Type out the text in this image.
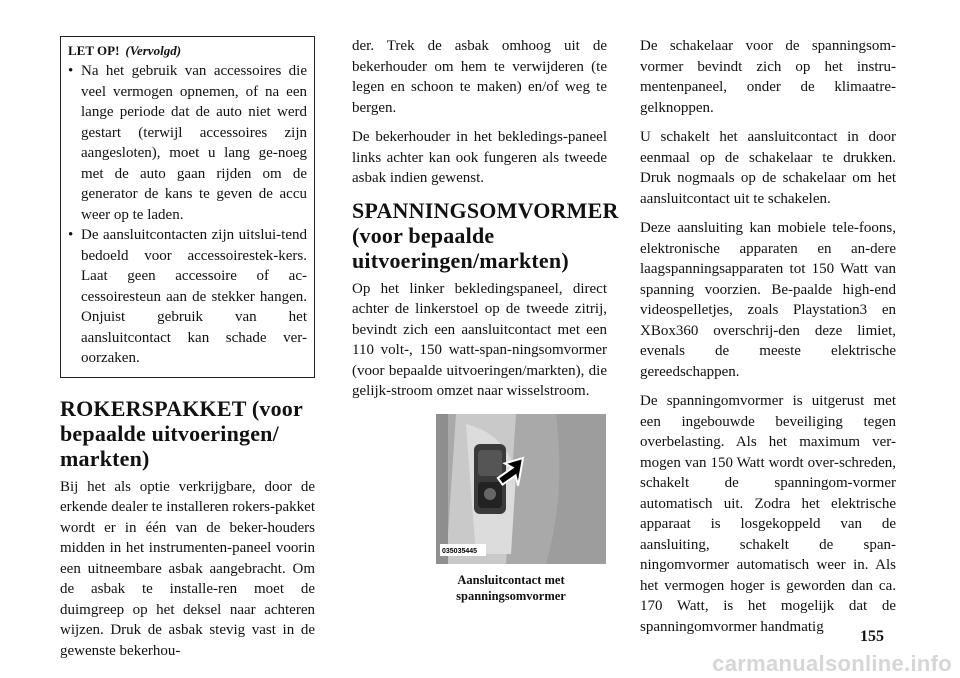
LET OP! (Vervolgd)
• Na het gebruik van accessoires die veel vermogen opnemen, of na een lange periode dat de auto niet werd gestart (terwijl accessoires zijn aangesloten), moet u lang ge-noeg met de auto gaan rijden om de generator de kans te geven de accu weer op te laden.
• De aansluitcontacten zijn uitslui-tend bedoeld voor accessoirestek-kers. Laat geen accessoire of ac-cessoiresteun aan de stekker hangen. Onjuist gebruik van het aansluitcontact kan schade ver-oorzaken.
ROKERSPAKKET (voor bepaalde uitvoeringen/ markten)

Bij het als optie verkrijgbare, door de erkende dealer te installeren rokers-pakket wordt er in één van de beker-houders midden in het instrumenten-paneel voorin een uitneembare asbak aangebracht. Om de asbak te installe-ren moet de duimgreep op het deksel naar achteren wijzen. Druk de asbak stevig vast in de gewenste bekerhou-

der. Trek de asbak omhoog uit de bekerhouder om hem te verwijderen (te legen en schoon te maken) en/of weg te bergen.

De bekerhouder in het bekledings-paneel links achter kan ook fungeren als tweede asbak indien gewenst.

SPANNINGSOMVORMER (voor bepaalde uitvoeringen/markten)

Op het linker bekledingspaneel, direct achter de linkerstoel op de tweede zitrij, bevindt zich een aansluitcontact met een 110 volt-, 150 watt-span-ningsomvormer (voor bepaalde uitvoeringen/markten), die gelijk-stroom omzet naar wisselstroom.

035035445
Aansluitcontact met spanningsomvormer

De schakelaar voor de spanningsom-vormer bevindt zich op het instru-mentenpaneel, onder de klimaatre-gelknoppen.

U schakelt het aansluitcontact in door eenmaal op de schakelaar te drukken. Druk nogmaals op de schakelaar om het aansluitcontact uit te schakelen.

Deze aansluiting kan mobiele tele-foons, elektronische apparaten en an-dere laagspanningsapparaten tot 150 Watt van spanning voorzien. Be-paalde high-end videospelletjes, zoals Playstation3 en XBox360 overschrij-den deze limiet, evenals de meeste elektrische gereedschappen.

De spanningomvormer is uitgerust met een ingebouwde beveiliging tegen overbelasting. Als het maximum ver-mogen van 150 Watt wordt over-schreden, schakelt de spanningom-vormer automatisch uit. Zodra het elektrische apparaat is losgekoppeld van de aansluiting, schakelt de span-ningomvormer automatisch weer in. Als het vermogen hoger is geworden dan ca. 170 Watt, is het mogelijk dat de spanningomvormer handmatig

155
carmanualsonline.info
